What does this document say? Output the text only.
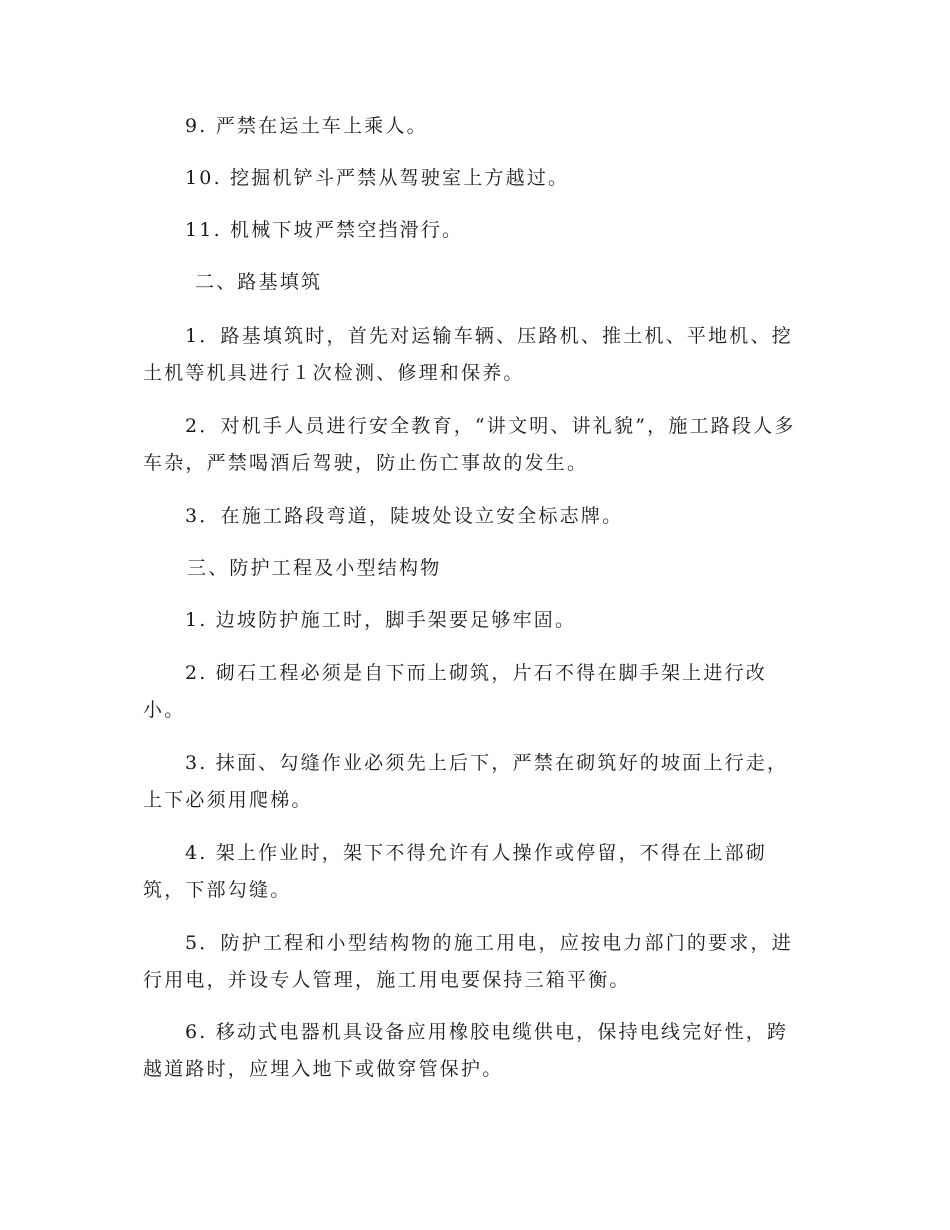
9. 严禁在运土车上乘人。

10. 挖掘机铲斗严禁从驾驶室上方越过。

11. 机械下坡严禁空挡滑行。

二、路基填筑

1．路基填筑时，首先对运输车辆、压路机、推土机、平地机、挖土机等机具进行１次检测、修理和保养。

2．对机手人员进行安全教育，“讲文明、讲礼貌”，施工路段人多车杂，严禁喝酒后驾驶，防止伤亡事故的发生。

3．在施工路段弯道，陡坡处设立安全标志牌。

三、防护工程及小型结构物

1. 边坡防护施工时，脚手架要足够牢固。

2. 砌石工程必须是自下而上砌筑，片石不得在脚手架上进行改小。

3. 抹面、勾缝作业必须先上后下，严禁在砌筑好的坡面上行走，上下必须用爬梯。

4. 架上作业时，架下不得允许有人操作或停留，不得在上部砌筑，下部勾缝。

5．防护工程和小型结构物的施工用电，应按电力部门的要求，进行用电，并设专人管理，施工用电要保持三箱平衡。

6. 移动式电器机具设备应用橡胶电缆供电，保持电线完好性，跨越道路时，应埋入地下或做穿管保护。
